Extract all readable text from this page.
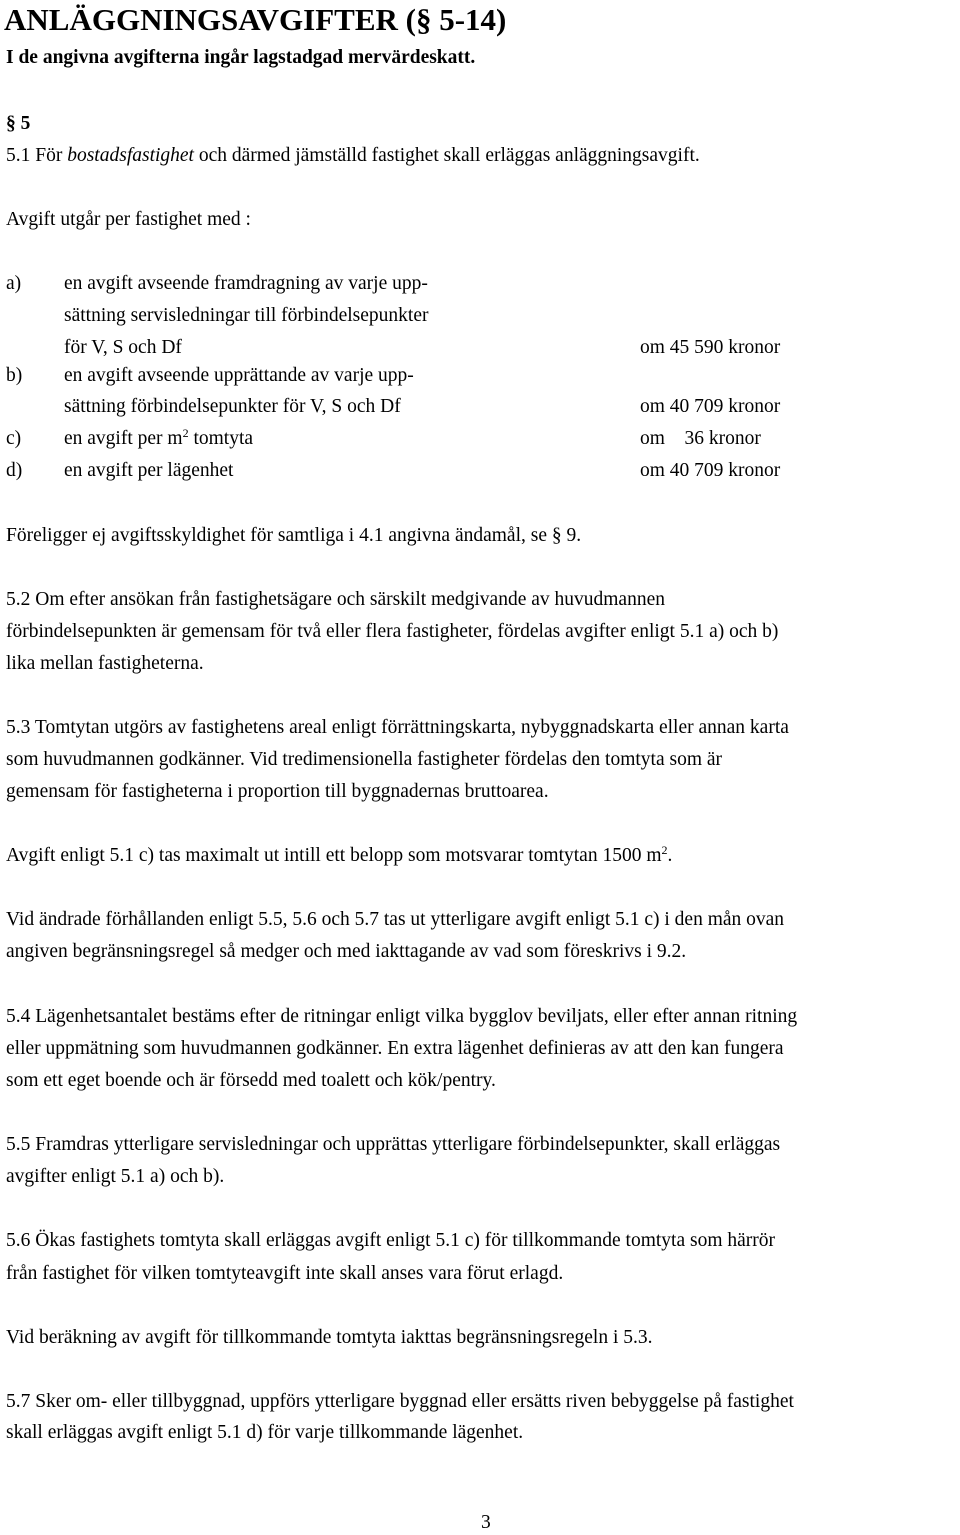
ANLÄGGNINGSAVGIFTER (§ 5-14)
I de angivna avgifterna ingår lagstadgad mervärdeskatt.
§ 5
5.1 För bostadsfastighet och därmed jämställd fastighet skall erläggas anläggningsavgift.
Avgift utgår per fastighet med :
a) en avgift avseende framdragning av varje upp-
sättning servisledningar till förbindelsepunkter
för V, S och Df	om 45 590 kronor
b) en avgift avseende upprättande av varje upp-
sättning förbindelsepunkter för V, S och Df	om 40 709 kronor
c) en avgift per $m^2$ tomtyta	om 36 kronor
d) en avgift per lägenhet	om 40 709 kronor
Föreligger ej avgiftsskyldighet för samtliga i 4.1 angivna ändamål, se § 9.
5.2 Om efter ansökan från fastighetsägare och särskilt medgivande av huvudmannen
förbindelsepunkten är gemensam för två eller flera fastigheter, fördelas avgifter enligt 5.1 a) och b)
lika mellan fastigheterna.
5.3 Tomtytan utgörs av fastighetens areal enligt förrättningskarta, nybyggnadskarta eller annan karta
som huvudmannen godkänner. Vid tredimensionella fastigheter fördelas den tomtyta som är
gemensam för fastigheterna i proportion till byggnadernas bruttoarea.
Avgift enligt 5.1 c) tas maximalt ut intill ett belopp som motsvarar tomtytan 1500 $m^2$.
Vid ändrade förhållanden enligt 5.5, 5.6 och 5.7 tas ut ytterligare avgift enligt 5.1 c) i den mån ovan
angiven begränsningsregel så medger och med iakttagande av vad som föreskrivs i 9.2.
5.4 Lägenhetsantalet bestäms efter de ritningar enligt vilka bygglov beviljats, eller efter annan ritning
eller uppmätning som huvudmannen godkänner. En extra lägenhet definieras av att den kan fungera
som ett eget boende och är försedd med toalett och kök/pentry.
5.5 Framdras ytterligare servisledningar och upprättas ytterligare förbindelsepunkter, skall erläggas
avgifter enligt 5.1 a) och b).
5.6 Ökas fastighets tomtyta skall erläggas avgift enligt 5.1 c) för tillkommande tomtyta som härrör
från fastighet för vilken tomtyteavgift inte skall anses vara förut erlagd.
Vid beräkning av avgift för tillkommande tomtyta iakttas begränsningsregeln i 5.3.
5.7 Sker om- eller tillbyggnad, uppförs ytterligare byggnad eller ersätts riven bebyggelse på fastighet
skall erläggas avgift enligt 5.1 d) för varje tillkommande lägenhet.
3
